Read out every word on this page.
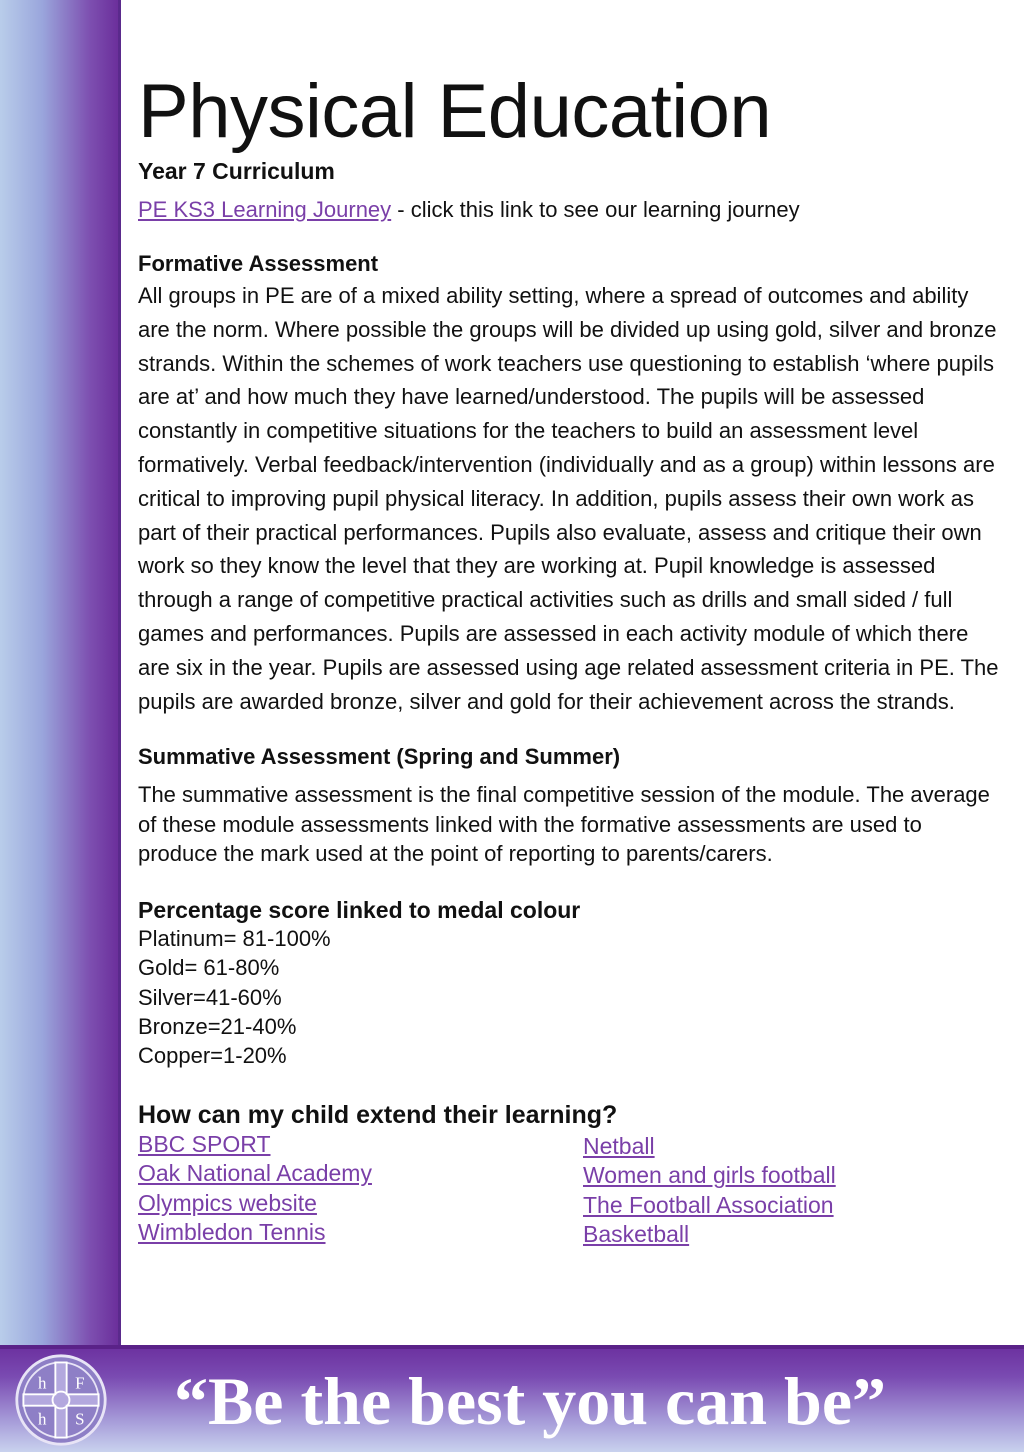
Physical Education
Year 7 Curriculum
PE KS3 Learning Journey - click this link to see our learning journey
Formative Assessment
All groups in PE are of a mixed ability setting, where a spread of outcomes and ability are the norm. Where possible the groups will be divided up using gold, silver and bronze strands. Within the schemes of work teachers use questioning to establish ‘where pupils are at’ and how much they have learned/understood. The pupils will be assessed constantly in competitive situations for the teachers to build an assessment level formatively. Verbal feedback/intervention (individually and as a group) within lessons are critical to improving pupil physical literacy. In addition, pupils assess their own work as part of their practical performances. Pupils also evaluate, assess and critique their own work so they know the level that they are working at. Pupil knowledge is assessed through a range of competitive practical activities such as drills and small sided / full games and performances. Pupils are assessed in each activity module of which there are six in the year. Pupils are assessed using age related assessment criteria in PE. The pupils are awarded bronze, silver and gold for their achievement across the strands.
Summative Assessment (Spring and Summer)
The summative assessment is the final competitive session of the module. The average of these module assessments linked with the formative assessments are used to produce the mark used at the point of reporting to parents/carers.
Percentage score linked to medal colour
Platinum= 81-100%
Gold= 61-80%
Silver=41-60%
Bronze=21-40%
Copper=1-20%
How can my child extend their learning?
BBC SPORT
Oak National Academy
Olympics website
Wimbledon Tennis
Netball
Women and girls football
The Football Association
Basketball
h F
h S	“Be the best you can be”
